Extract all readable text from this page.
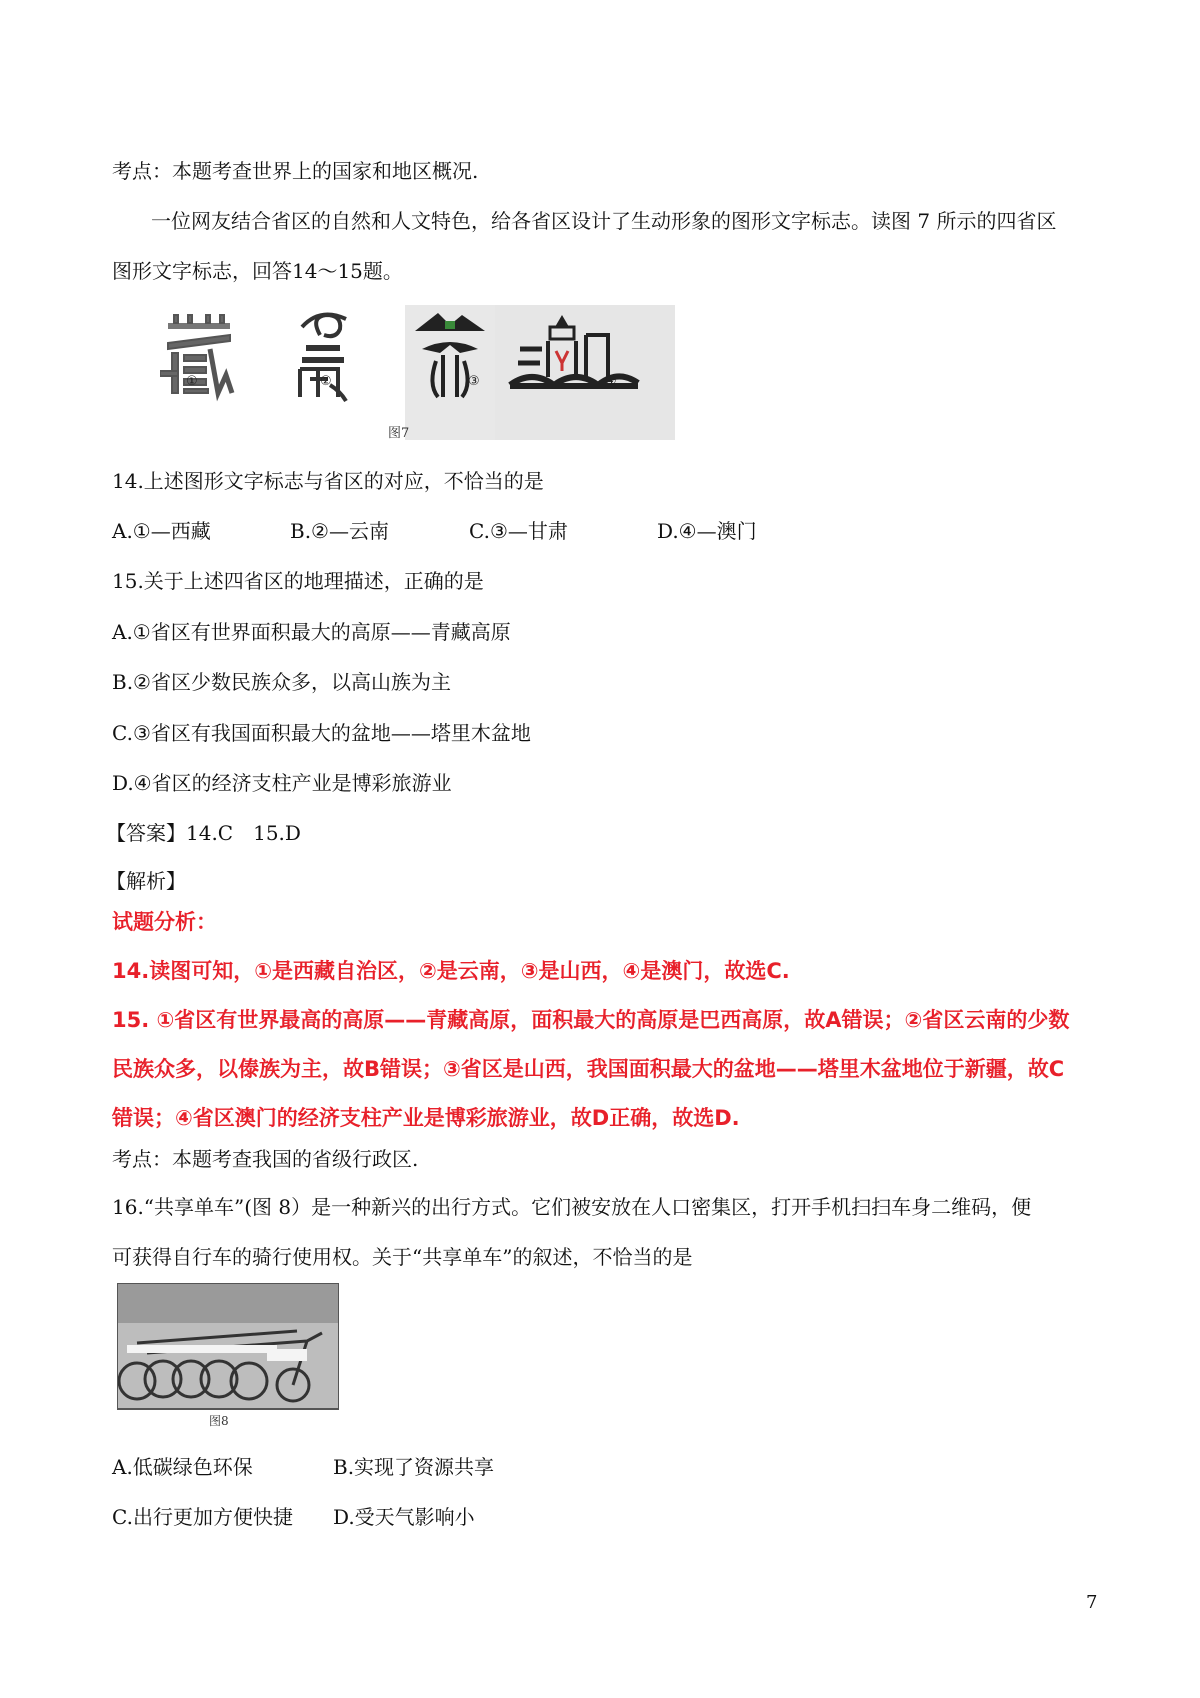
考点：本题考查世界上的国家和地区概况.
一位网友结合省区的自然和人文特色，给各省区设计了生动形象的图形文字标志。读图 7 所示的四省区
图形文字标志，回答14～15题。
①	②	③	④
图7
14.上述图形文字标志与省区的对应，不恰当的是
A.①—西藏	B.②—云南	C.③—甘肃	D.④—澳门
15.关于上述四省区的地理描述，正确的是
A.①省区有世界面积最大的高原——青藏高原
B.②省区少数民族众多，以高山族为主
C.③省区有我国面积最大的盆地——塔里木盆地
D.④省区的经济支柱产业是博彩旅游业
【答案】14.C　15.D
【解析】
试题分析：
14.读图可知，①是西藏自治区，②是云南，③是山西，④是澳门，故选C.
15. ①省区有世界最高的高原——青藏高原，面积最大的高原是巴西高原，故A错误；②省区云南的少数
民族众多，以傣族为主，故B错误；③省区是山西，我国面积最大的盆地——塔里木盆地位于新疆，故C
错误；④省区澳门的经济支柱产业是博彩旅游业，故D正确，故选D.
考点：本题考查我国的省级行政区.
16.“共享单车”(图 8）是一种新兴的出行方式。它们被安放在人口密集区，打开手机扫扫车身二维码，便
可获得自行车的骑行使用权。关于“共享单车”的叙述，不恰当的是
图8
A.低碳绿色环保	B.实现了资源共享
C.出行更加方便快捷 D.受天气影响小
7
